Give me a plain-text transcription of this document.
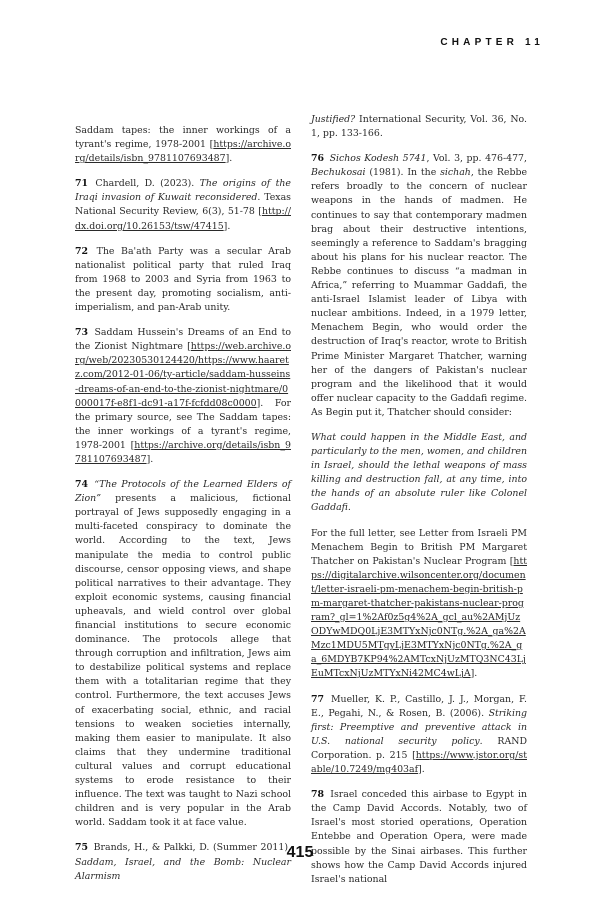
CHAPTER 11

Saddam tapes: the inner workings of a tyrant's regime, 1978-2001 [https://archive.org/details/isbn_9781107693487].

71 Chardell, D. (2023). The origins of the Iraqi invasion of Kuwait reconsidered. Texas National Security Review, 6(3), 51-78 [http://dx.doi.org/10.26153/tsw/47415].

72 The Ba'ath Party was a secular Arab nationalist political party that ruled Iraq from 1968 to 2003 and Syria from 1963 to the present day, promoting socialism, anti-imperialism, and pan-Arab unity.

73 Saddam Hussein's Dreams of an End to the Zionist Nightmare [https://web.archive.org/web/20230530124420/https://www.haaretz.com/2012-01-06/ty-article/saddam-husseins-dreams-of-an-end-to-the-zionist-nightmare/0000017f-e8f1-dc91-a17f-fcfdd08c0000]. For the primary source, see The Saddam tapes: the inner workings of a tyrant's regime, 1978-2001 [https://archive.org/details/isbn_9781107693487].

74 “The Protocols of the Learned Elders of Zion” presents a malicious, fictional portrayal of Jews supposedly engaging in a multi-faceted conspiracy to dominate the world. According to the text, Jews manipulate the media to control public discourse, censor opposing views, and shape political narratives to their advantage. They exploit economic systems, causing financial upheavals, and wield control over global financial institutions to secure economic dominance. The protocols allege that through corruption and infiltration, Jews aim to destabilize political systems and replace them with a totalitarian regime that they control. Furthermore, the text accuses Jews of exacerbating social, ethnic, and racial tensions to weaken societies internally, making them easier to manipulate. It also claims that they undermine traditional cultural values and corrupt educational systems to erode resistance to their influence. The text was taught to Nazi school children and is very popular in the Arab world. Saddam took it at face value.

75 Brands, H., & Palkki, D. (Summer 2011). Saddam, Israel, and the Bomb: Nuclear Alarmism

Justified? International Security, Vol. 36, No. 1, pp. 133-166.

76 Sichos Kodesh 5741, Vol. 3, pp. 476-477, Bechukosai (1981). In the sichah, the Rebbe refers broadly to the concern of nuclear weapons in the hands of madmen. He continues to say that contemporary madmen brag about their destructive intentions, seemingly a reference to Saddam's bragging about his plans for his nuclear reactor. The Rebbe continues to discuss “a madman in Africa,” referring to Muammar Gaddafi, the anti-Israel Islamist leader of Libya with nuclear ambitions. Indeed, in a 1979 letter, Menachem Begin, who would order the destruction of Iraq's reactor, wrote to British Prime Minister Margaret Thatcher, warning her of the dangers of Pakistan's nuclear program and the likelihood that it would offer nuclear capacity to the Gaddafi regime. As Begin put it, Thatcher should consider:

What could happen in the Middle East, and particularly to the men, women, and children in Israel, should the lethal weapons of mass killing and destruction fall, at any time, into the hands of an absolute ruler like Colonel Gaddafi.

For the full letter, see Letter from Israeli PM Menachem Begin to British PM Margaret Thatcher on Pakistan's Nuclear Program [https://digitalarchive.wilsoncenter.org/document/letter-israeli-pm-menachem-begin-british-pm-margaret-thatcher-pakistans-nuclear-program?_gl=1%2Af0z5g4%2A_gcl_au%2AMjUzODYwMDQ0LjE3MTYxNjc0NTg.%2A_ga%2AMzc1MDU5MTgyLjE3MTYxNjc0NTg.%2A_ga_6MDYB7KP94%2AMTcxNjUzMTQ3NC43LjEuMTcxNjUzMTYxNi42MC4wLjA].

77 Mueller, K. P., Castillo, J. J., Morgan, F. E., Pegahi, N., & Rosen, B. (2006). Striking first: Preemptive and preventive attack in U.S. national security policy. RAND Corporation. p. 215 [https://www.jstor.org/stable/10.7249/mg403af].

78 Israel conceded this airbase to Egypt in the Camp David Accords. Notably, two of Israel's most storied operations, Operation Entebbe and Operation Opera, were made possible by the Sinai airbases. This further shows how the Camp David Accords injured Israel's national

415
